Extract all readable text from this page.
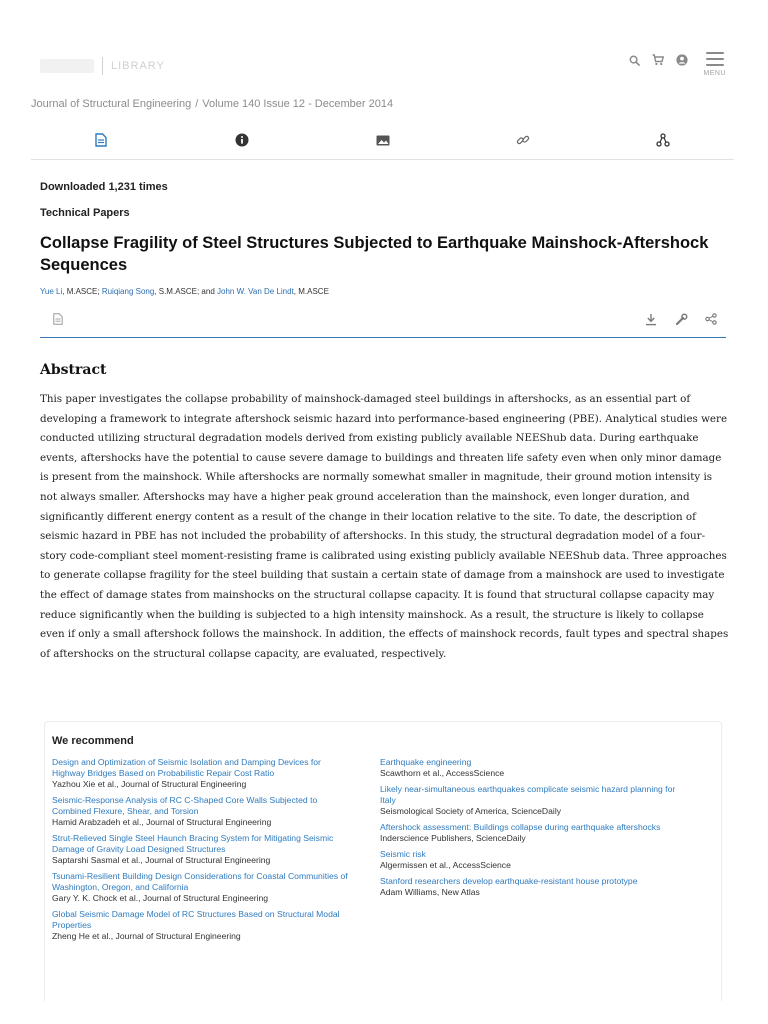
LIBRARY
MENU
Journal of Structural Engineering / Volume 140 Issue 12 - December 2014
Downloaded 1,231 times
Technical Papers
Collapse Fragility of Steel Structures Subjected to Earthquake Mainshock-Aftershock Sequences
Yue Li, M.ASCE; Ruiqiang Song, S.M.ASCE; and John W. Van De Lindt, M.ASCE
Abstract
This paper investigates the collapse probability of mainshock-damaged steel buildings in aftershocks, as an essential part of developing a framework to integrate aftershock seismic hazard into performance-based engineering (PBE). Analytical studies were conducted utilizing structural degradation models derived from existing publicly available NEEShub data. During earthquake events, aftershocks have the potential to cause severe damage to buildings and threaten life safety even when only minor damage is present from the mainshock. While aftershocks are normally somewhat smaller in magnitude, their ground motion intensity is not always smaller. Aftershocks may have a higher peak ground acceleration than the mainshock, even longer duration, and significantly different energy content as a result of the change in their location relative to the site. To date, the description of seismic hazard in PBE has not included the probability of aftershocks. In this study, the structural degradation model of a four-story code-compliant steel moment-resisting frame is calibrated using existing publicly available NEEShub data. Three approaches to generate collapse fragility for the steel building that sustain a certain state of damage from a mainshock are used to investigate the effect of damage states from mainshocks on the structural collapse capacity. It is found that structural collapse capacity may reduce significantly when the building is subjected to a high intensity mainshock. As a result, the structure is likely to collapse even if only a small aftershock follows the mainshock. In addition, the effects of mainshock records, fault types and spectral shapes of aftershocks on the structural collapse capacity, are evaluated, respectively.
We recommend
Design and Optimization of Seismic Isolation and Damping Devices for Highway Bridges Based on Probabilistic Repair Cost Ratio
Yazhou Xie et al., Journal of Structural Engineering
Seismic-Response Analysis of RC C-Shaped Core Walls Subjected to Combined Flexure, Shear, and Torsion
Hamid Arabzadeh et al., Journal of Structural Engineering
Strut-Relieved Single Steel Haunch Bracing System for Mitigating Seismic Damage of Gravity Load Designed Structures
Saptarshi Sasmal et al., Journal of Structural Engineering
Tsunami-Resilient Building Design Considerations for Coastal Communities of Washington, Oregon, and California
Gary Y. K. Chock et al., Journal of Structural Engineering
Global Seismic Damage Model of RC Structures Based on Structural Modal Properties
Zheng He et al., Journal of Structural Engineering
Earthquake engineering
Scawthorn et al., AccessScience
Likely near-simultaneous earthquakes complicate seismic hazard planning for Italy
Seismological Society of America, ScienceDaily
Aftershock assessment: Buildings collapse during earthquake aftershocks
Inderscience Publishers, ScienceDaily
Seismic risk
Algermissen et al., AccessScience
Stanford researchers develop earthquake-resistant house prototype
Adam Williams, New Atlas
